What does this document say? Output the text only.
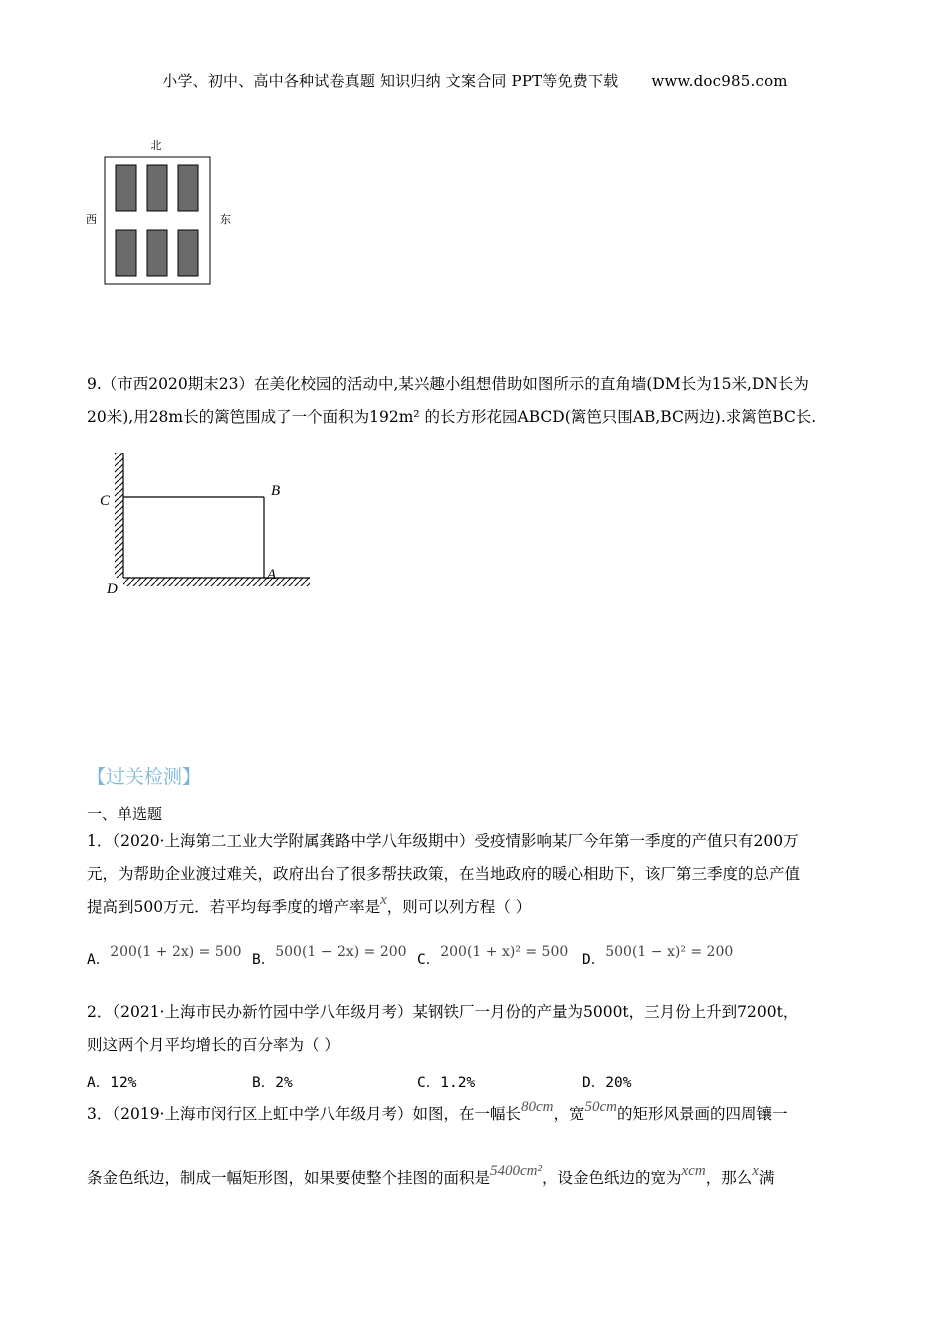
小学、初中、高中各种试卷真题 知识归纳 文案合同 PPT等免费下载 www.doc985.com
北
西	东
9.（市西2020期末23）在美化校园的活动中,某兴趣小组想借助如图所示的直角墙(DM长为15米,DN长为
20米),用28m长的篱笆围成了一个面积为192m² 的长方形花园ABCD(篱笆只围AB,BC两边).求篱笆BC长.
C
B
D
A
【过关检测】
一、单选题
1．（2020·上海第二工业大学附属龚路中学八年级期中）受疫情影响某厂今年第一季度的产值只有200万
元，为帮助企业渡过难关，政府出台了很多帮扶政策，在当地政府的暖心相助下，该厂第三季度的总产值
提高到500万元．若平均每季度的增产率是x，则可以列方程（ ）
A．200(1 + 2x) = 500 B．500(1 − 2x) = 200 C．200(1 + x)² = 500 D．500(1 − x)² = 200
2．（2021·上海市民办新竹园中学八年级月考）某钢铁厂一月份的产量为5000t，三月份上升到7200t，
则这两个月平均增长的百分率为（ ）
A．12%	B．2%	C．1.2%	D．20%
3．（2019·上海市闵行区上虹中学八年级月考）如图，在一幅长80cm，宽50cm的矩形风景画的四周镶一
条金色纸边，制成一幅矩形图，如果要使整个挂图的面积是5400cm²，设金色纸边的宽为xcm，那么x满
